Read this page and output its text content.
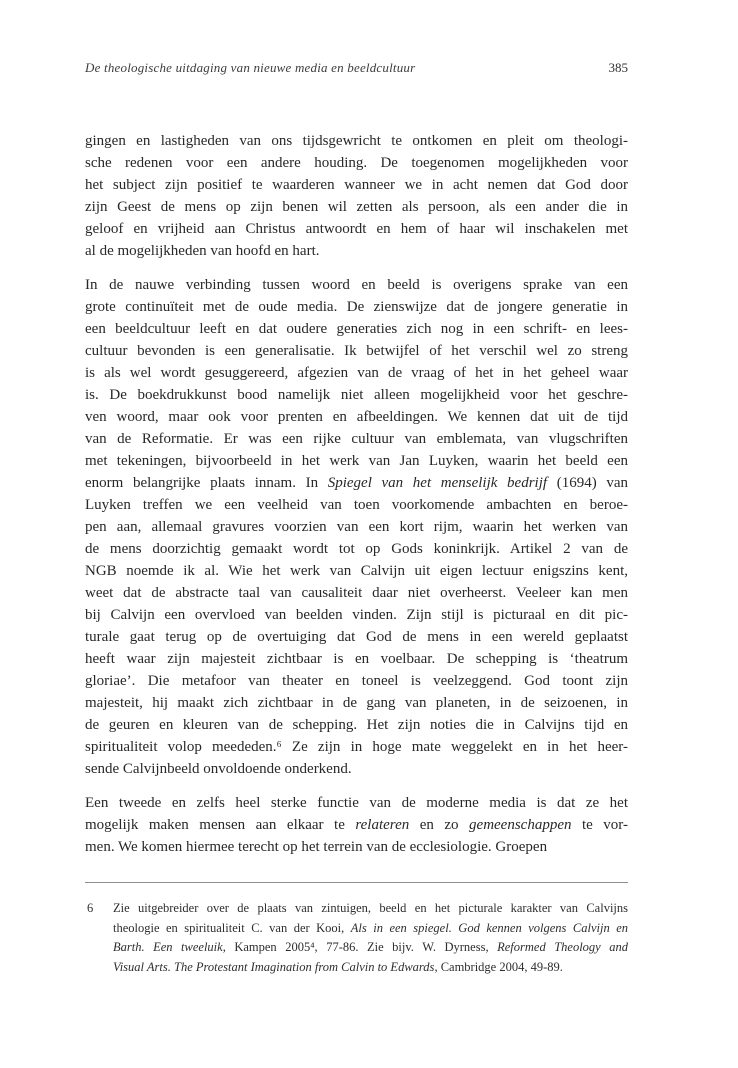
De theologische uitdaging van nieuwe media en beeldcultuur	385
gingen en lastigheden van ons tijdsgewricht te ontkomen en pleit om theologi-
sche redenen voor een andere houding. De toegenomen mogelijkheden voor
het subject zijn positief te waarderen wanneer we in acht nemen dat God door
zijn Geest de mens op zijn benen wil zetten als persoon, als een ander die in
geloof en vrijheid aan Christus antwoordt en hem of haar wil inschakelen met
al de mogelijkheden van hoofd en hart.
In de nauwe verbinding tussen woord en beeld is overigens sprake van een
grote continuïteit met de oude media. De zienswijze dat de jongere generatie in
een beeldcultuur leeft en dat oudere generaties zich nog in een schrift- en lees-
cultuur bevonden is een generalisatie. Ik betwijfel of het verschil wel zo streng
is als wel wordt gesuggereerd, afgezien van de vraag of het in het geheel waar
is. De boekdrukkunst bood namelijk niet alleen mogelijkheid voor het geschre-
ven woord, maar ook voor prenten en afbeeldingen. We kennen dat uit de tijd
van de Reformatie. Er was een rijke cultuur van emblemata, van vlugschriften
met tekeningen, bijvoorbeeld in het werk van Jan Luyken, waarin het beeld een
enorm belangrijke plaats innam. In Spiegel van het menselijk bedrijf (1694) van
Luyken treffen we een veelheid van toen voorkomende ambachten en beroe-
pen aan, allemaal gravures voorzien van een kort rijm, waarin het werken van
de mens doorzichtig gemaakt wordt tot op Gods koninkrijk. Artikel 2 van de
NGB noemde ik al. Wie het werk van Calvijn uit eigen lectuur enigszins kent,
weet dat de abstracte taal van causaliteit daar niet overheerst. Veeleer kan men
bij Calvijn een overvloed van beelden vinden. Zijn stijl is picturaal en dit pic-
turale gaat terug op de overtuiging dat God de mens in een wereld geplaatst
heeft waar zijn majesteit zichtbaar is en voelbaar. De schepping is ‘theatrum
gloriae’. Die metafoor van theater en toneel is veelzeggend. God toont zijn
majesteit, hij maakt zich zichtbaar in de gang van planeten, in de seizoenen, in
de geuren en kleuren van de schepping. Het zijn noties die in Calvijns tijd en
spiritualiteit volop meededen.⁶ Ze zijn in hoge mate weggelekt en in het heer-
sende Calvijnbeeld onvoldoende onderkend.
Een tweede en zelfs heel sterke functie van de moderne media is dat ze het
mogelijk maken mensen aan elkaar te relateren en zo gemeenschappen te vor-
men. We komen hiermee terecht op het terrein van de ecclesiologie. Groepen
6 Zie uitgebreider over de plaats van zintuigen, beeld en het picturale karakter van Calvijns
theologie en spiritualiteit C. van der Kooi, Als in een spiegel. God kennen volgens Calvijn en
Barth. Een tweeluik, Kampen 2005⁴, 77-86. Zie bijv. W. Dyrness, Reformed Theology and
Visual Arts. The Protestant Imagination from Calvin to Edwards, Cambridge 2004, 49-89.
